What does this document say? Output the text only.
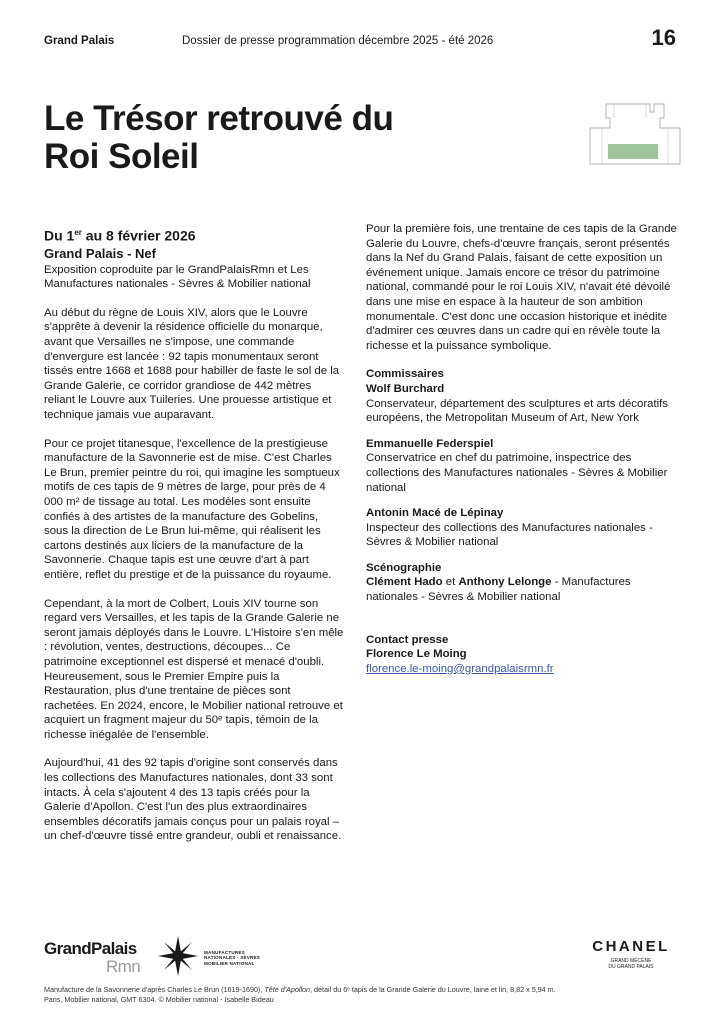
Grand Palais	Dossier de presse programmation décembre 2025 - été 2026	16
Le Trésor retrouvé du
Roi Soleil
Du 1er au 8 février 2026
Grand Palais - Nef

Exposition coproduite par le GrandPalaisRmn et Les Manufactures nationales - Sèvres & Mobilier national

Au début du règne de Louis XIV, alors que le Louvre s'apprête à devenir la résidence officielle du monarque, avant que Versailles ne s'impose, une commande d'envergure est lancée : 92 tapis monumentaux seront tissés entre 1668 et 1688 pour habiller de faste le sol de la Grande Galerie, ce corridor grandiose de 442 mètres reliant le Louvre aux Tuileries. Une prouesse artistique et technique jamais vue auparavant.

Pour ce projet titanesque, l'excellence de la prestigieuse manufacture de la Savonnerie est de mise. C'est Charles Le Brun, premier peintre du roi, qui imagine les somptueux motifs de ces tapis de 9 mètres de large, pour près de 4 000 m² de tissage au total. Les modèles sont ensuite confiés à des artistes de la manufacture des Gobelins, sous la direction de Le Brun lui-même, qui réalisent les cartons destinés aux liciers de la manufacture de la Savonnerie. Chaque tapis est une œuvre d'art à part entière, reflet du prestige et de la puissance du royaume.

Cependant, à la mort de Colbert, Louis XIV tourne son regard vers Versailles, et les tapis de la Grande Galerie ne seront jamais déployés dans le Louvre. L'Histoire s'en mêle : révolution, ventes, destructions, découpes... Ce patrimoine exceptionnel est dispersé et menacé d'oubli. Heureusement, sous le Premier Empire puis la Restauration, plus d'une trentaine de pièces sont rachetées. En 2024, encore, le Mobilier national retrouve et acquiert un fragment majeur du 50ᵉ tapis, témoin de la richesse inégalée de l'ensemble.

Aujourd'hui, 41 des 92 tapis d'origine sont conservés dans les collections des Manufactures nationales, dont 33 sont intacts. À cela s'ajoutent 4 des 13 tapis créés pour la Galerie d'Apollon. C'est l'un des plus extraordinaires ensembles décoratifs jamais conçus pour un palais royal – un chef-d'œuvre tissé entre grandeur, oubli et renaissance.

Pour la première fois, une trentaine de ces tapis de la Grande Galerie du Louvre, chefs-d'œuvre français, seront présentés dans la Nef du Grand Palais, faisant de cette exposition un événement unique. Jamais encore ce trésor du patrimoine national, commandé pour le roi Louis XIV, n'avait été dévoilé dans une mise en espace à la hauteur de son ambition monumentale. C'est donc une occasion historique et inédite d'admirer ces œuvres dans un cadre qui en révèle toute la richesse et la puissance symbolique.

Commissaires
Wolf Burchard
Conservateur, département des sculptures et arts décoratifs européens, the Metropolitan Museum of Art, New York
Emmanuelle Federspiel
Conservatrice en chef du patrimoine, inspectrice des collections des Manufactures nationales - Sèvres & Mobilier national
Antonin Macé de Lépinay
Inspecteur des collections des Manufactures nationales - Sèvres & Mobilier national
Scénographie
Clément Hado et Anthony Lelonge - Manufactures nationales - Sèvres & Mobilier national
Contact presse
Florence Le Moing
florence.le-moing@grandpalaisrmn.fr
GrandPalais
Rmn
MANUFACTURES
NATIONALES · SÈVRES
MOBILIER NATIONAL
CHANEL
GRAND MÉCÈNE
DU GRAND PALAIS
Manufacture de la Savonnerie d'après Charles Le Brun (1619-1690), Tête d'Apollon, détail du 6ᵉ tapis de la Grande Galerie du Louvre, laine et lin, 8,82 x 5,94 m.
Paris, Mobilier national, GMT 6304. © Mobilier national - Isabelle Bideau
